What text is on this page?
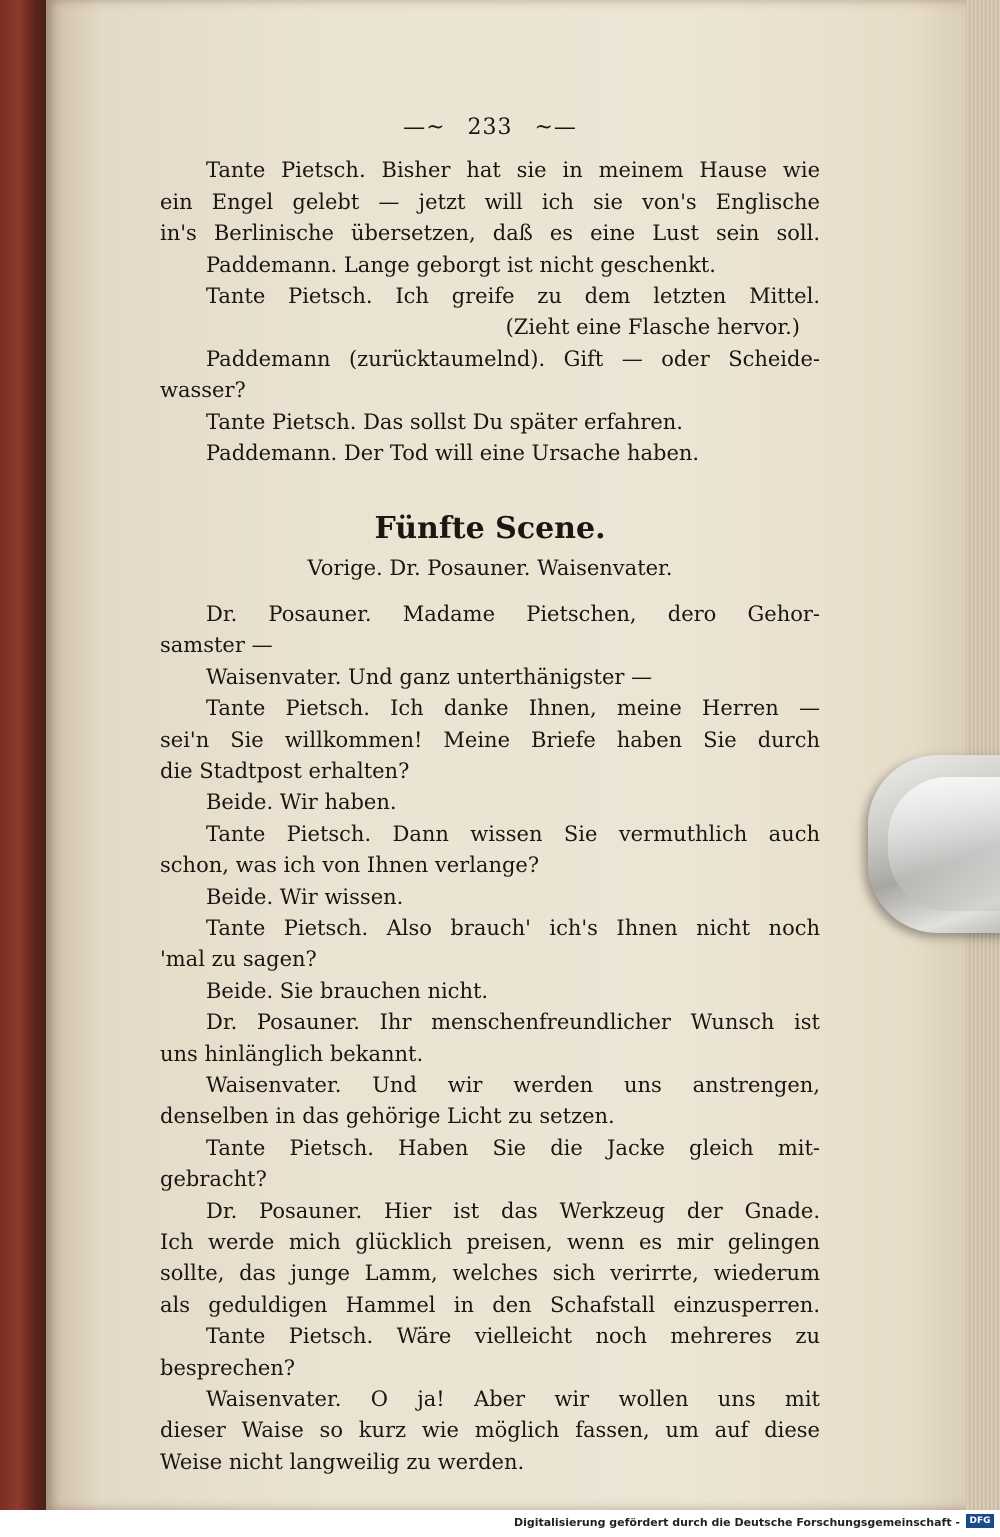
—~ 233 ~—
Tante Pietsch. Bisher hat sie in meinem Hause wie
ein Engel gelebt — jetzt will ich sie von's Englische
in's Berlinische übersetzen, daß es eine Lust sein soll.
Paddemann. Lange geborgt ist nicht geschenkt.
Tante Pietsch. Ich greife zu dem letzten Mittel.
(Zieht eine Flasche hervor.)
Paddemann (zurücktaumelnd). Gift — oder Scheide-
wasser?
Tante Pietsch. Das sollst Du später erfahren.
Paddemann. Der Tod will eine Ursache haben.
Fünfte Scene.
Vorige. Dr. Posauner. Waisenvater.
Dr. Posauner. Madame Pietschen, dero Gehor-
samster —
Waisenvater. Und ganz unterthänigster —
Tante Pietsch. Ich danke Ihnen, meine Herren —
sei'n Sie willkommen! Meine Briefe haben Sie durch
die Stadtpost erhalten?
Beide. Wir haben.
Tante Pietsch. Dann wissen Sie vermuthlich auch
schon, was ich von Ihnen verlange?
Beide. Wir wissen.
Tante Pietsch. Also brauch' ich's Ihnen nicht noch
'mal zu sagen?
Beide. Sie brauchen nicht.
Dr. Posauner. Ihr menschenfreundlicher Wunsch ist
uns hinlänglich bekannt.
Waisenvater. Und wir werden uns anstrengen,
denselben in das gehörige Licht zu setzen.
Tante Pietsch. Haben Sie die Jacke gleich mit-
gebracht?
Dr. Posauner. Hier ist das Werkzeug der Gnade.
Ich werde mich glücklich preisen, wenn es mir gelingen
sollte, das junge Lamm, welches sich verirrte, wiederum
als geduldigen Hammel in den Schafstall einzusperren.
Tante Pietsch. Wäre vielleicht noch mehreres zu
besprechen?
Waisenvater. O ja! Aber wir wollen uns mit
dieser Waise so kurz wie möglich fassen, um auf diese
Weise nicht langweilig zu werden.
Digitalisierung gefördert durch die Deutsche Forschungsgemeinschaft -	DFG
